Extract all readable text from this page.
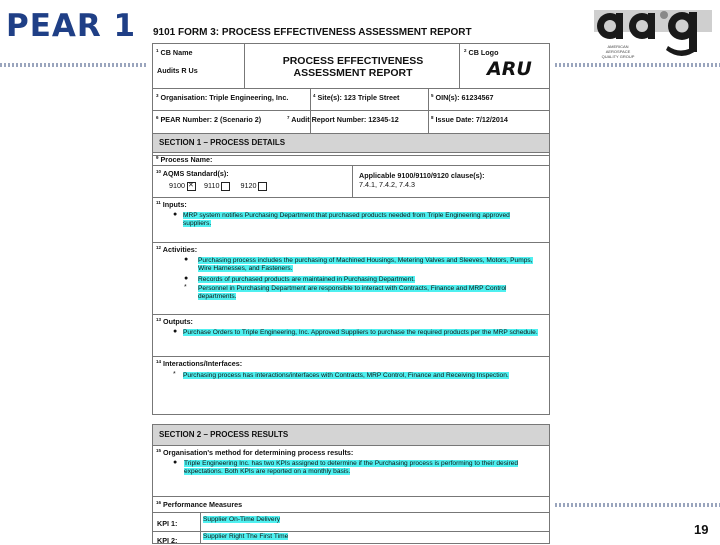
PEAR 1
AMERICAN AEROSPACE QUALITY GROUP
19
9101 FORM 3: PROCESS EFFECTIVENESS ASSESSMENT REPORT
$^1$ CB Name
Audits R Us
PROCESS EFFECTIVENESS ASSESSMENT REPORT
$^2$ CB Logo
ARU
$^3$ Organisation: Triple Engineering, Inc.	$^4$ Site(s): 123 Triple Street	$^5$ OIN(s): 61234567
$^6$ PEAR Number: 2 (Scenario 2)	$^7$ Audit Report Number: 12345-12	$^8$ Issue Date: 7/12/2014
SECTION 1 – PROCESS DETAILS
$^9$ Process Name:
$^{10}$ AQMS Standard(s):
9100 ✕	9110	9120
Applicable 9100/9110/9120 clause(s):
7.4.1, 7.4.2, 7.4.3
$^{11}$ Inputs:
● MRP system notifies Purchasing Department that purchased products needed from Triple Engineering approved suppliers.
$^{12}$ Activities:
● Purchasing process includes the purchasing of Machined Housings, Metering Valves and Sleeves, Motors, Pumps, Wire Harnesses, and Fasteners.
● Records of purchased products are maintained in Purchasing Department.
* Personnel in Purchasing Department are responsible to interact with Contracts, Finance and MRP Control departments.
$^{13}$ Outputs:
● Purchase Orders to Triple Engineering, Inc. Approved Suppliers to purchase the required products per the MRP schedule.
$^{14}$ Interactions/Interfaces:
* Purchasing process has interactions/interfaces with Contracts, MRP Control, Finance and Receiving Inspection.
SECTION 2 – PROCESS RESULTS
$^{15}$ Organisation's method for determining process results:
● Triple Engineering Inc. has two KPIs assigned to determine if the Purchasing process is performing to their desired expectations. Both KPIs are reported on a monthly basis.
$^{16}$ Performance Measures
KPI 1:	Supplier On-Time Delivery
KPI 2:	Supplier Right The First Time
